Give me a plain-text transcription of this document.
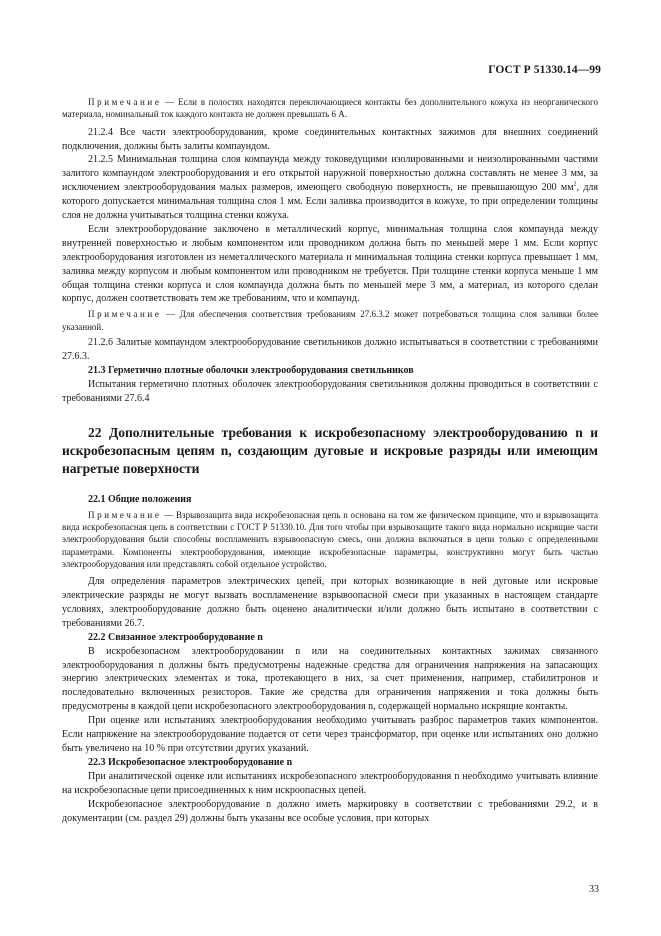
ГОСТ Р 51330.14—99

Примечание — Если в полостях находятся переключающиеся контакты без дополнительного кожуха из неорганического материала, номинальный ток каждого контакта не должен превышать 6 А.

21.2.4 Все части электрооборудования, кроме соединительных контактных зажимов для внешних соединений подключения, должны быть залиты компаундом.

21.2.5 Минимальная толщина слоя компаунда между токоведущими изолированными и неизолированными частями залитого компаундом электрооборудования и его открытой наружной поверхностью должна составлять не менее 3 мм, за исключением электрооборудования малых размеров, имеющего свободную поверхность, не превышающую 200 $мм^2$, для которого допускается минимальная толщина слоя 1 мм. Если заливка производится в кожухе, то при определении толщины слоя не должна учитываться толщина стенки кожуха.

Если электрооборудование заключено в металлический корпус, минимальная толщина слоя компаунда между внутренней поверхностью и любым компонентом или проводником должна быть по меньшей мере 1 мм. Если корпус электрооборудования изготовлен из неметаллического материала и минимальная толщина стенки корпуса превышает 1 мм, заливка между корпусом и любым компонентом или проводником не требуется. При толщине стенки корпуса меньше 1 мм общая толщина стенки корпуса и слоя компаунда должна быть по меньшей мере 3 мм, а материал, из которого сделан корпус, должен соответствовать тем же требованиям, что и компаунд.

Примечание — Для обеспечения соответствия требованиям 27.6.3.2 может потребоваться толщина слоя заливки более указанной.

21.2.6 Залитые компаундом электрооборудование светильников должно испытываться в соответствии с требованиями 27.6.3.

21.3 Герметично плотные оболочки электрооборудования светильников

Испытания герметично плотных оболочек электрооборудования светильников должны проводиться в соответствии с требованиями 27.6.4

22 Дополнительные требования к искробезопасному электрооборудованию n и искробезопасным цепям n, создающим дуговые и искровые разряды или имеющим нагретые поверхности

22.1 Общие положения

Примечание — Взрывозащита вида искробезопасная цепь n основана на том же физическом принципе, что и взрывозащита вида искробезопасная цепь в соответствии с ГОСТ Р 51330.10. Для того чтобы при взрывозащите такого вида нормально искрящие части электрооборудования были способны воспламенить взрывоопасную смесь, они должна включаться в цепи только с определенными параметрами. Компоненты электрооборудования, имеющие искробезопасные параметры, конструктивно могут быть частью электрооборудования или представлять собой отдельное устройство.

Для определения параметров электрических цепей, при которых возникающие в ней дуговые или искровые электрические разряды не могут вызвать воспламенение взрывоопасной смеси при указанных в настоящем стандарте условиях, электрооборудование должно быть оценено аналитически и/или должно быть испытано в соответствии с требованиями 26.7.

22.2 Связанное электрооборудование n

В искробезопасном электрооборудовании n или на соединительных контактных зажимах связанного электрооборудования n должны быть предусмотрены надежные средства для ограничения напряжения на запасающих энергию электрических элементах и тока, протекающего в них, за счет применения, например, стабилитронов и последовательно включенных резисторов. Такие же средства для ограничения напряжения и тока должны быть предусмотрены в каждой цепи искробезопасного электрооборудования n, содержащей нормально искрящие контакты.

При оценке или испытаниях электрооборудования необходимо учитывать разброс параметров таких компонентов. Если напряжение на электрооборудование подается от сети через трансформатор, при оценке или испытаниях оно должно быть увеличено на 10 % при отсутствии других указаний.

22.3 Искробезопасное электрооборудование n

При аналитической оценке или испытаниях искробезопасного электрооборудования n необходимо учитывать влияние на искробезопасные цепи присоединенных к ним искроопасных цепей.

Искробезопасное электрооборудование n должно иметь маркировку в соответствии с требованиями 29.2, и в документации (см. раздел 29) должны быть указаны все особые условия, при которых

33
